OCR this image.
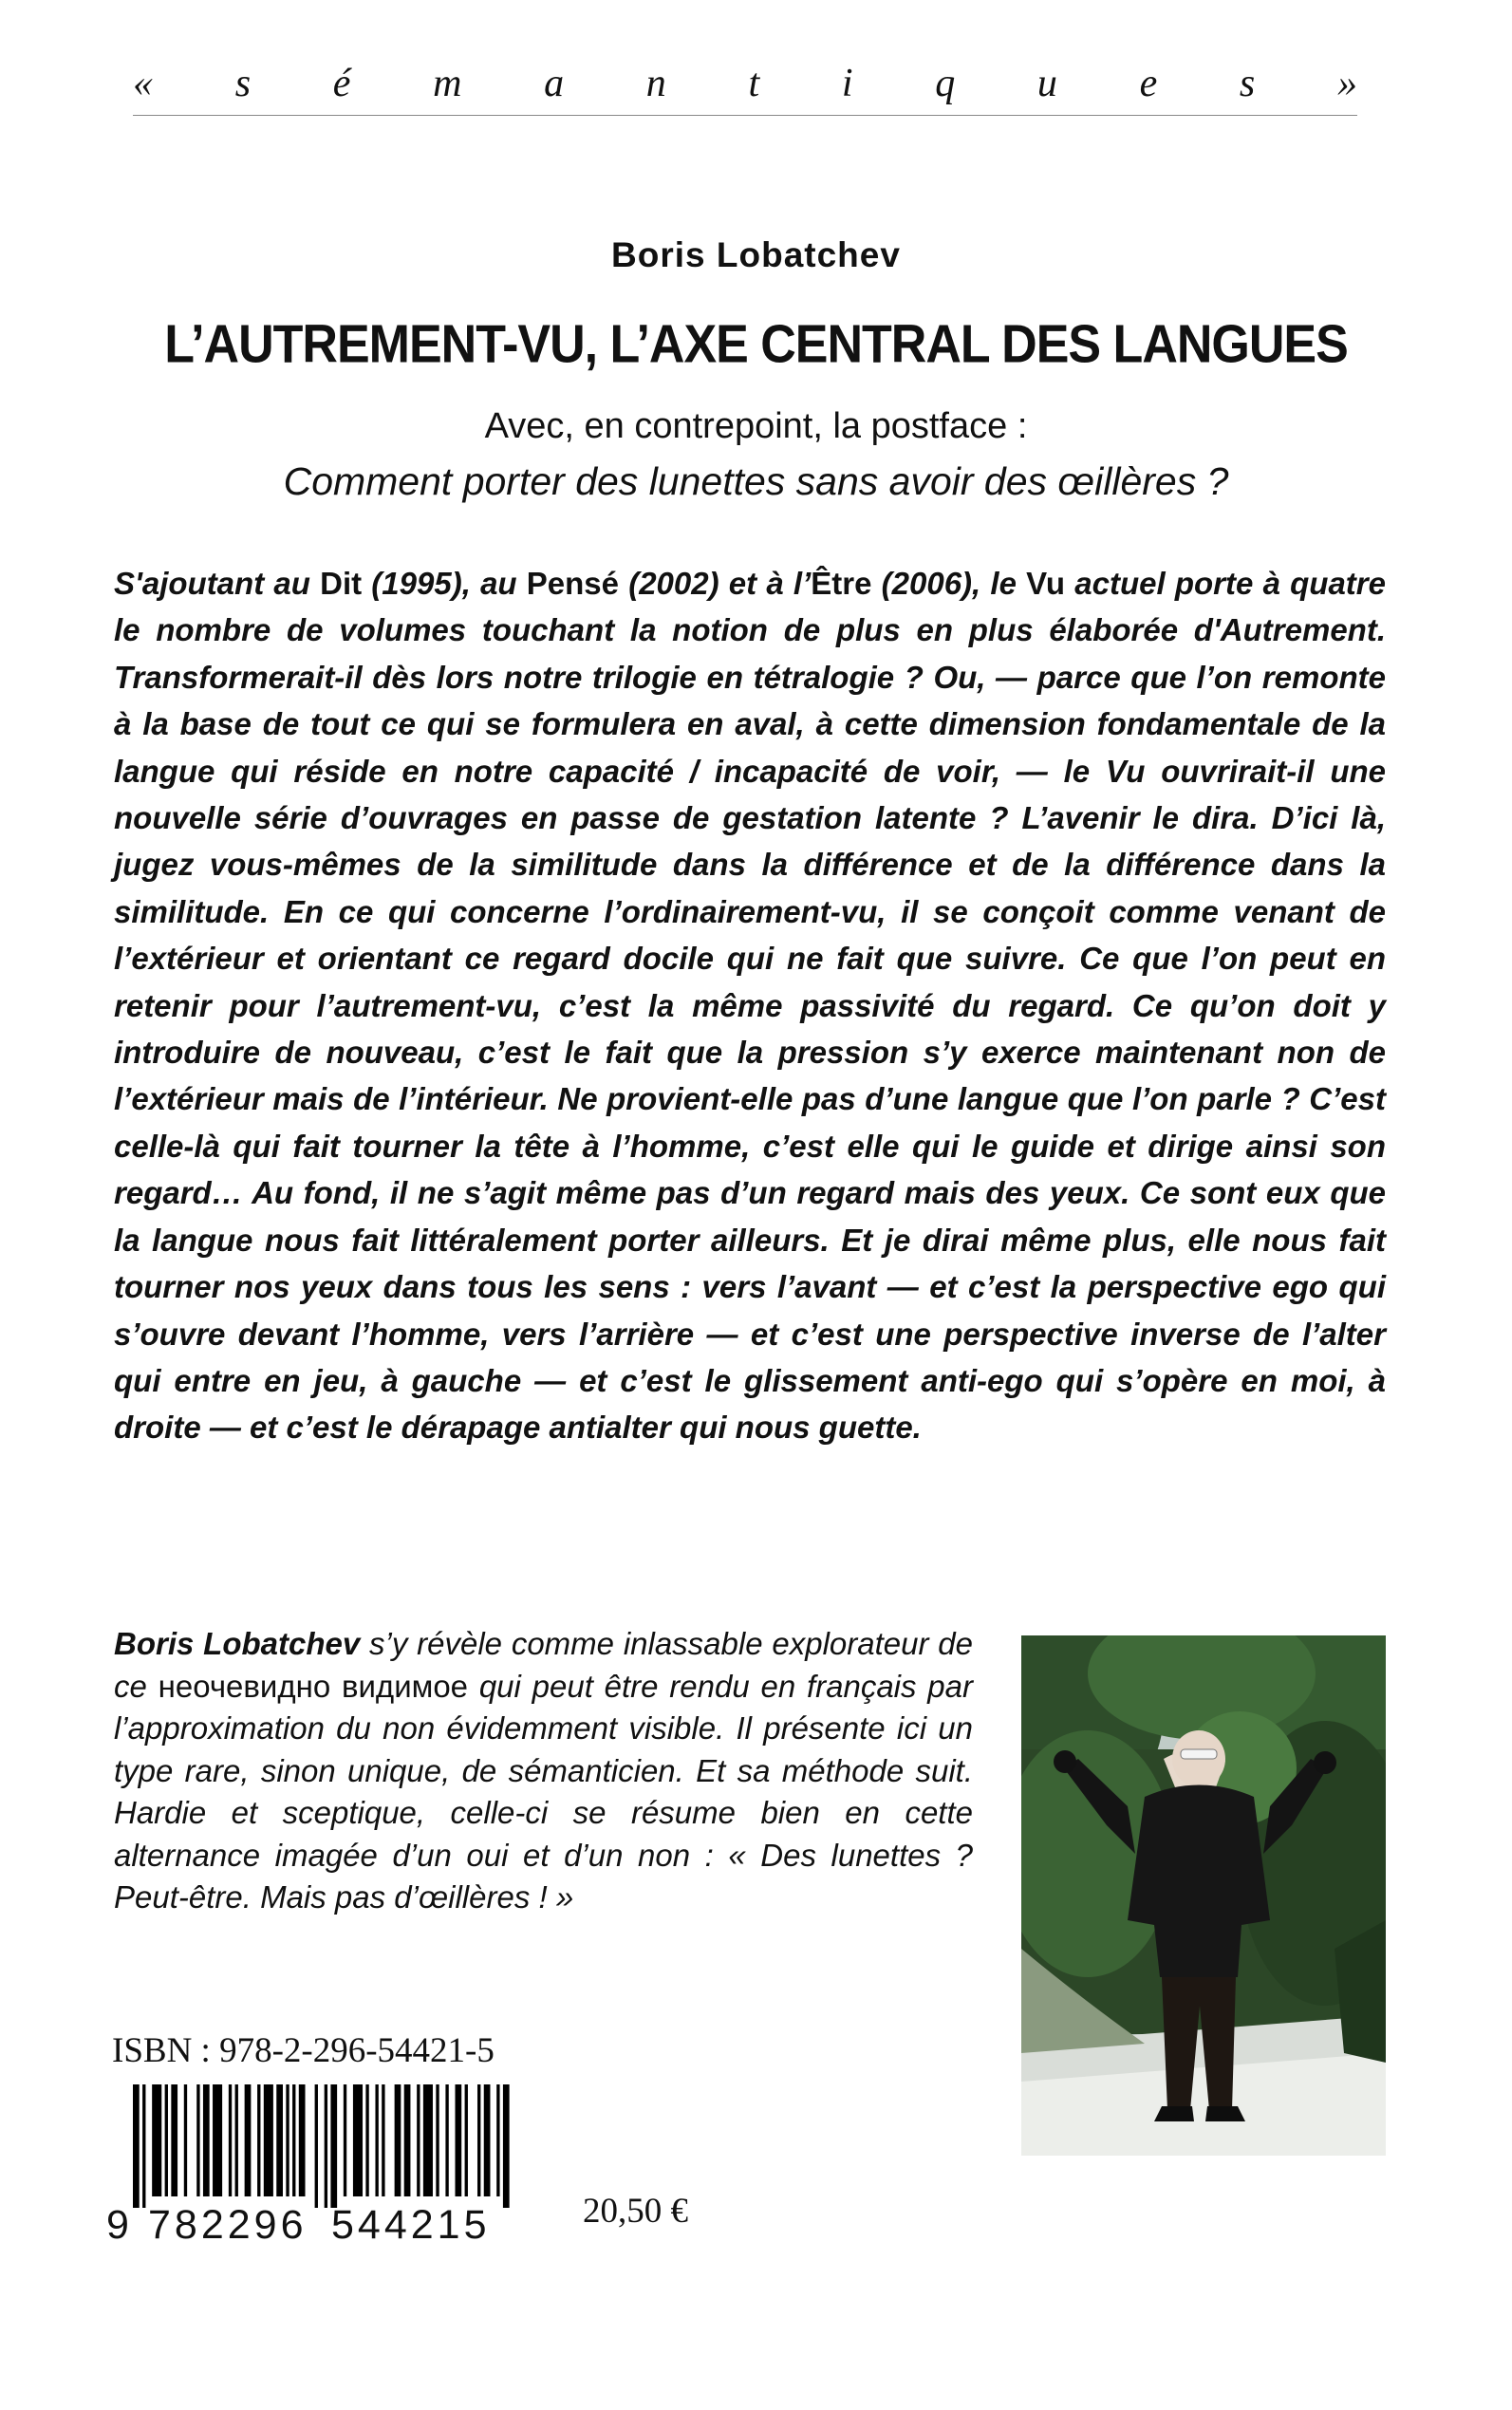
« s é m a n t i q u e s »
Boris Lobatchev
L’AUTREMENT-VU, L’AXE CENTRAL DES LANGUES
Avec, en contrepoint, la postface :
Comment porter des lunettes sans avoir des œillères ?

S'ajoutant au Dit (1995), au Pensé (2002) et à l’Être (2006), le Vu actuel porte à quatre le nombre de volumes touchant la notion de plus en plus élaborée d'Autrement. Transformerait-il dès lors notre trilogie en tétralogie ? Ou, — parce que l’on remonte à la base de tout ce qui se formulera en aval, à cette dimension fondamentale de la langue qui réside en notre capacité / incapacité de voir, — le Vu ouvrirait-il une nouvelle série d’ouvrages en passe de gestation latente ? L’avenir le dira. D’ici là, jugez vous-mêmes de la similitude dans la différence et de la différence dans la similitude. En ce qui concerne l’ordinairement-vu, il se conçoit comme venant de l’extérieur et orientant ce regard docile qui ne fait que suivre. Ce que l’on peut en retenir pour l’autrement-vu, c’est la même passivité du regard. Ce qu’on doit y introduire de nouveau, c’est le fait que la pression s’y exerce maintenant non de l’extérieur mais de l’intérieur. Ne provient-elle pas d’une langue que l’on parle ? C’est celle-là qui fait tourner la tête à l’homme, c’est elle qui le guide et dirige ainsi son regard… Au fond, il ne s’agit même pas d’un regard mais des yeux. Ce sont eux que la langue nous fait littéralement porter ailleurs. Et je dirai même plus, elle nous fait tourner nos yeux dans tous les sens : vers l’avant — et c’est la perspective ego qui s’ouvre devant l’homme, vers l’arrière — et c’est une perspective inverse de l’alter qui entre en jeu, à gauche — et c’est le glissement anti-ego qui s’opère en moi, à droite — et c’est le dérapage antialter qui nous guette.

Boris Lobatchev s’y révèle comme inlassable explorateur de ce неочевидно видимое qui peut être rendu en français par l’approximation du non évidemment visible. Il présente ici un type rare, sinon unique, de sémanticien. Et sa méthode suit. Hardie et sceptique, celle-ci se résume bien en cette alternance imagée d’un oui et d’un non : « Des lunettes ? Peut-être. Mais pas d’œillères ! »

ISBN : 978-2-296-54421-5
9 782296 544215	20,50 €
